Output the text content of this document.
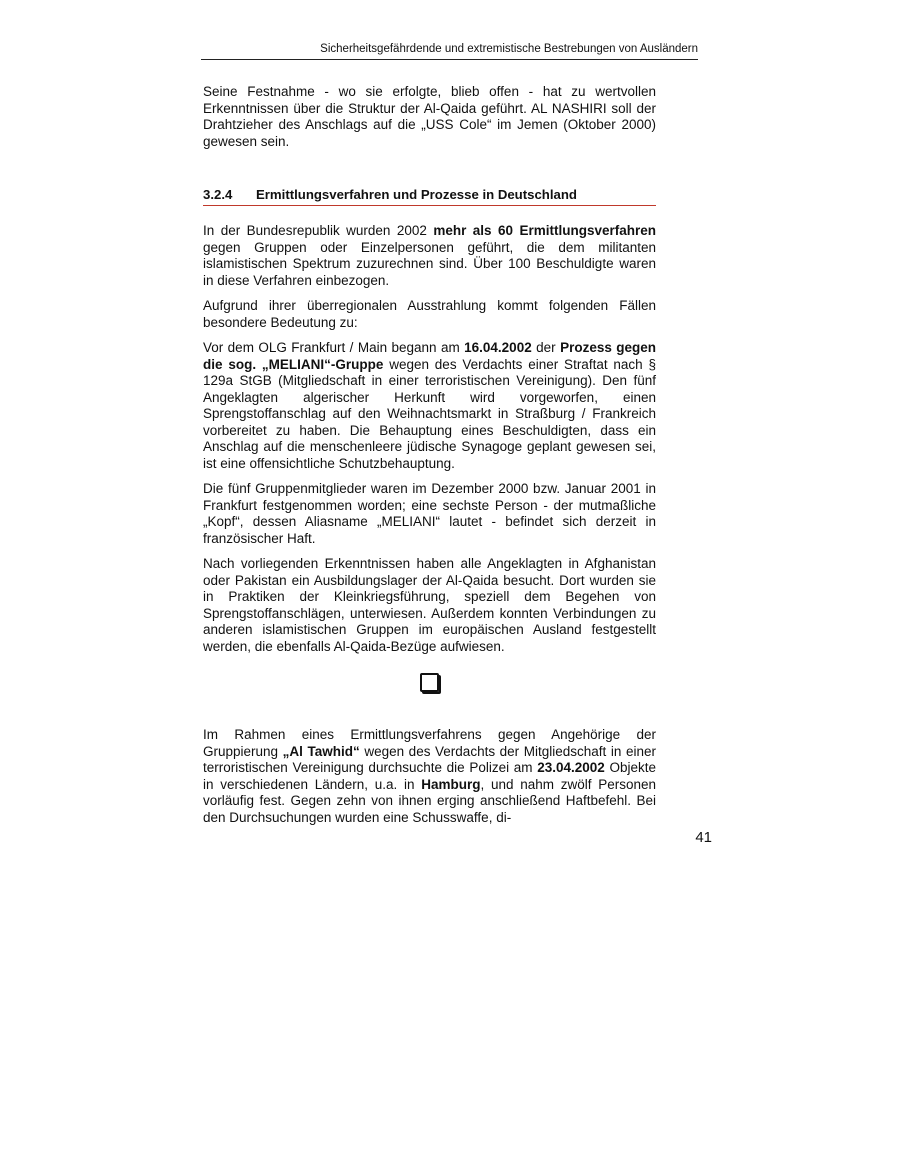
Sicherheitsgefährdende und extremistische Bestrebungen von Ausländern

Seine Festnahme - wo sie erfolgte, blieb offen - hat zu wertvollen Erkenntnissen über die Struktur der Al-Qaida geführt. AL NASHIRI soll der Drahtzieher des Anschlags auf die „USS Cole“ im Jemen (Oktober 2000) gewesen sein.

3.2.4 Ermittlungsverfahren und Prozesse in Deutschland

In der Bundesrepublik wurden 2002 mehr als 60 Ermittlungsverfahren gegen Gruppen oder Einzelpersonen geführt, die dem militanten islamistischen Spektrum zuzurechnen sind. Über 100 Beschuldigte waren in diese Verfahren einbezogen.

Aufgrund ihrer überregionalen Ausstrahlung kommt folgenden Fällen besondere Bedeutung zu:

Vor dem OLG Frankfurt / Main begann am 16.04.2002 der Prozess gegen die sog. „MELIANI“-Gruppe wegen des Verdachts einer Straftat nach § 129a StGB (Mitgliedschaft in einer terroristischen Vereinigung). Den fünf Angeklagten algerischer Herkunft wird vorgeworfen, einen Sprengstoffanschlag auf den Weihnachtsmarkt in Straßburg / Frankreich vorbereitet zu haben. Die Behauptung eines Beschuldigten, dass ein Anschlag auf die menschenleere jüdische Synagoge geplant gewesen sei, ist eine offensichtliche Schutzbehauptung.

Die fünf Gruppenmitglieder waren im Dezember 2000 bzw. Januar 2001 in Frankfurt festgenommen worden; eine sechste Person - der mutmaßliche „Kopf“, dessen Aliasname „MELIANI“ lautet - befindet sich derzeit in französischer Haft.

Nach vorliegenden Erkenntnissen haben alle Angeklagten in Afghanistan oder Pakistan ein Ausbildungslager der Al-Qaida besucht. Dort wurden sie in Praktiken der Kleinkriegsführung, speziell dem Begehen von Sprengstoffanschlägen, unterwiesen. Außerdem konnten Verbindungen zu anderen islamistischen Gruppen im europäischen Ausland festgestellt werden, die ebenfalls Al-Qaida-Bezüge aufwiesen.

Im Rahmen eines Ermittlungsverfahrens gegen Angehörige der Gruppierung „Al Tawhid“ wegen des Verdachts der Mitgliedschaft in einer terroristischen Vereinigung durchsuchte die Polizei am 23.04.2002 Objekte in verschiedenen Ländern, u.a. in Hamburg, und nahm zwölf Personen vorläufig fest. Gegen zehn von ihnen erging anschließend Haftbefehl. Bei den Durchsuchungen wurden eine Schusswaffe, di-

41
